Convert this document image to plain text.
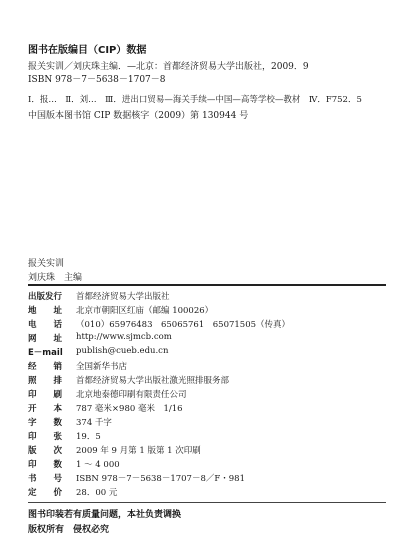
图书在版编目（CIP）数据
报关实训／刘庆珠主编．—北京：首都经济贸易大学出版社，2009．9
ISBN 978－7－5638－1707－8
Ⅰ．报…　Ⅱ．刘…　Ⅲ．进出口贸易—海关手续—中国—高等学校—教材　Ⅳ．F752．5
中国版本图书馆 CIP 数据核字（2009）第 130944 号
报关实训
刘庆珠　主编
出版发行 首都经济贸易大学出版社
地　　址 北京市朝阳区红庙（邮编 100026）
电　　话 （010）65976483　65065761　65071505（传真）
网　　址 http://www.sjmcb.com
E－mail publish@cueb.edu.cn
经　　销 全国新华书店
照　　排 首都经济贸易大学出版社激光照排服务部
印　　刷 北京地泰德印刷有限责任公司
开　　本 787 毫米×980 毫米　1/16
字　　数 374 千字
印　　张 19．5
版　　次 2009 年 9 月第 1 版第 1 次印刷
印　　数 1 ～ 4 000
书　　号 ISBN 978－7－5638－1707－8／F・981
定　　价 28．00 元
图书印装若有质量问题，本社负责调换
版权所有　侵权必究
